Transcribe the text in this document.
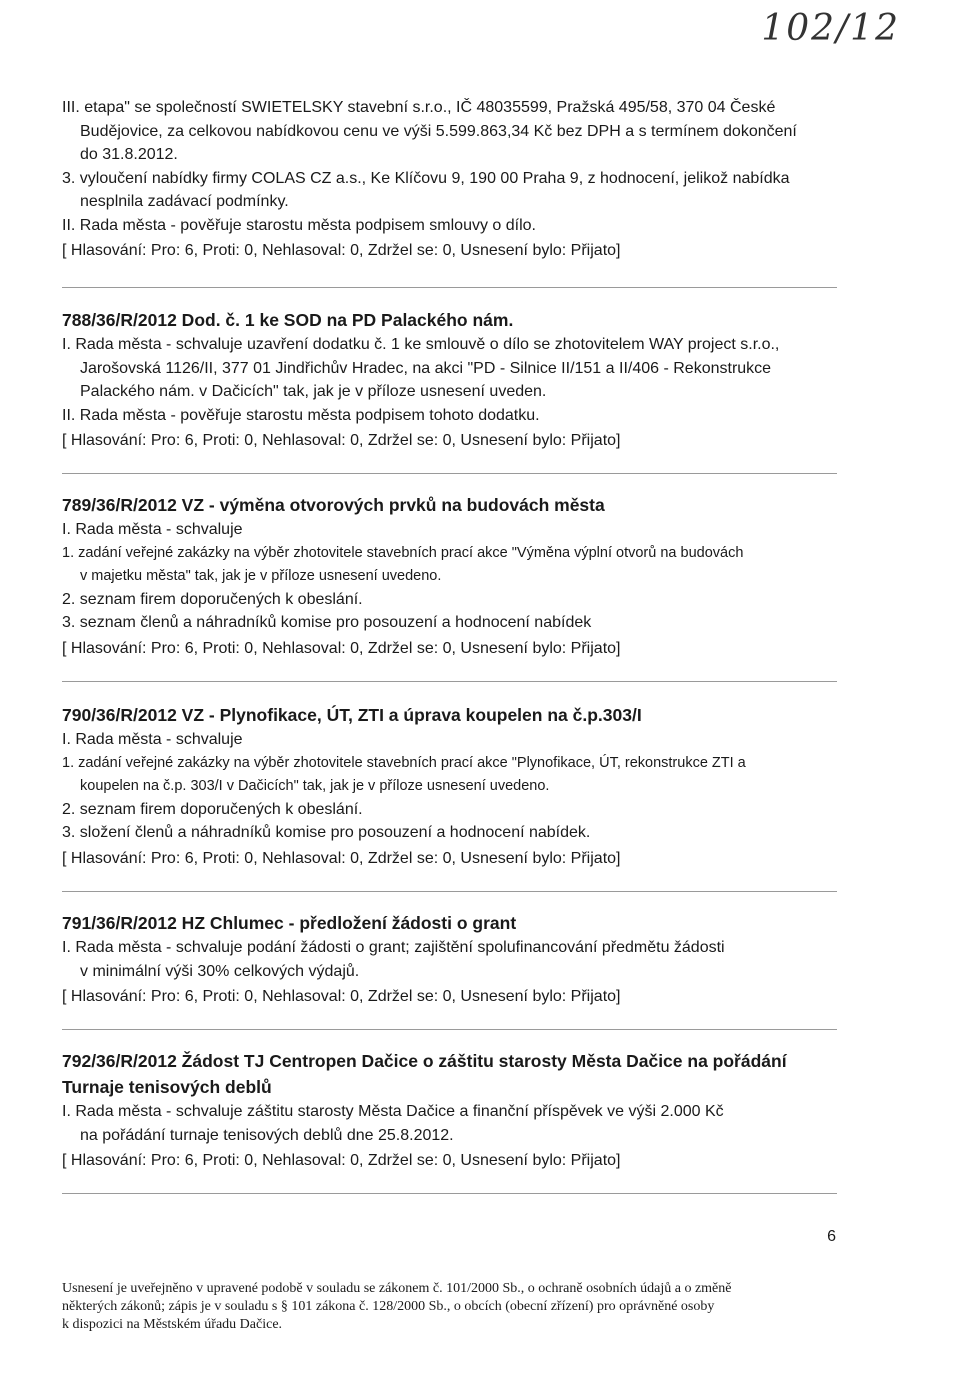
102/12
III. etapa" se společností SWIETELSKY stavební s.r.o., IČ 48035599, Pražská 495/58, 370 04 České
Budějovice, za celkovou nabídkovou cenu ve výši 5.599.863,34 Kč bez DPH a s termínem dokončení
do 31.8.2012.
3. vyloučení nabídky firmy COLAS CZ a.s., Ke Klíčovu 9, 190 00 Praha 9, z hodnocení, jelikož nabídka
nesplnila zadávací podmínky.
II. Rada města - pověřuje starostu města podpisem smlouvy o dílo.
[ Hlasování: Pro: 6, Proti: 0, Nehlasoval: 0, Zdržel se: 0, Usnesení bylo: Přijato]
788/36/R/2012 Dod. č. 1 ke SOD na PD Palackého nám.
I. Rada města - schvaluje uzavření dodatku č. 1 ke smlouvě o dílo se zhotovitelem WAY project s.r.o.,
Jarošovská 1126/II, 377 01 Jindřichův Hradec, na akci "PD - Silnice II/151 a II/406 - Rekonstrukce
Palackého nám. v Dačicích" tak, jak je v příloze usnesení uveden.
II. Rada města - pověřuje starostu města podpisem tohoto dodatku.
[ Hlasování: Pro: 6, Proti: 0, Nehlasoval: 0, Zdržel se: 0, Usnesení bylo: Přijato]
789/36/R/2012 VZ - výměna otvorových prvků na budovách města
I. Rada města - schvaluje
1. zadání veřejné zakázky na výběr zhotovitele stavebních prací akce "Výměna výplní otvorů na budovách
v majetku města" tak, jak je v příloze usnesení uvedeno.
2. seznam firem doporučených k obeslání.
3. seznam členů a náhradníků komise pro posouzení a hodnocení nabídek
[ Hlasování: Pro: 6, Proti: 0, Nehlasoval: 0, Zdržel se: 0, Usnesení bylo: Přijato]
790/36/R/2012 VZ - Plynofikace, ÚT, ZTI a úprava koupelen na č.p.303/I
I. Rada města - schvaluje
1. zadání veřejné zakázky na výběr zhotovitele stavebních prací akce "Plynofikace, ÚT, rekonstrukce ZTI a
koupelen na č.p. 303/I v Dačicích" tak, jak je v příloze usnesení uvedeno.
2. seznam firem doporučených k obeslání.
3. složení členů a náhradníků komise pro posouzení a hodnocení nabídek.
[ Hlasování: Pro: 6, Proti: 0, Nehlasoval: 0, Zdržel se: 0, Usnesení bylo: Přijato]
791/36/R/2012 HZ Chlumec - předložení žádosti o grant
I. Rada města - schvaluje podání žádosti o grant; zajištění spolufinancování předmětu žádosti
v minimální výši 30% celkových výdajů.
[ Hlasování: Pro: 6, Proti: 0, Nehlasoval: 0, Zdržel se: 0, Usnesení bylo: Přijato]
792/36/R/2012 Žádost TJ Centropen Dačice o záštitu starosty Města Dačice na pořádání
Turnaje tenisových deblů
I. Rada města - schvaluje záštitu starosty Města Dačice a finanční příspěvek ve výši 2.000 Kč
na pořádání turnaje tenisových deblů dne 25.8.2012.
[ Hlasování: Pro: 6, Proti: 0, Nehlasoval: 0, Zdržel se: 0, Usnesení bylo: Přijato]
6
Usnesení je uveřejněno v upravené podobě v souladu se zákonem č. 101/2000 Sb., o ochraně osobních údajů a o změně
některých zákonů; zápis je v souladu s § 101 zákona č. 128/2000 Sb., o obcích (obecní zřízení) pro oprávněné osoby
k dispozici na Městském úřadu Dačice.
